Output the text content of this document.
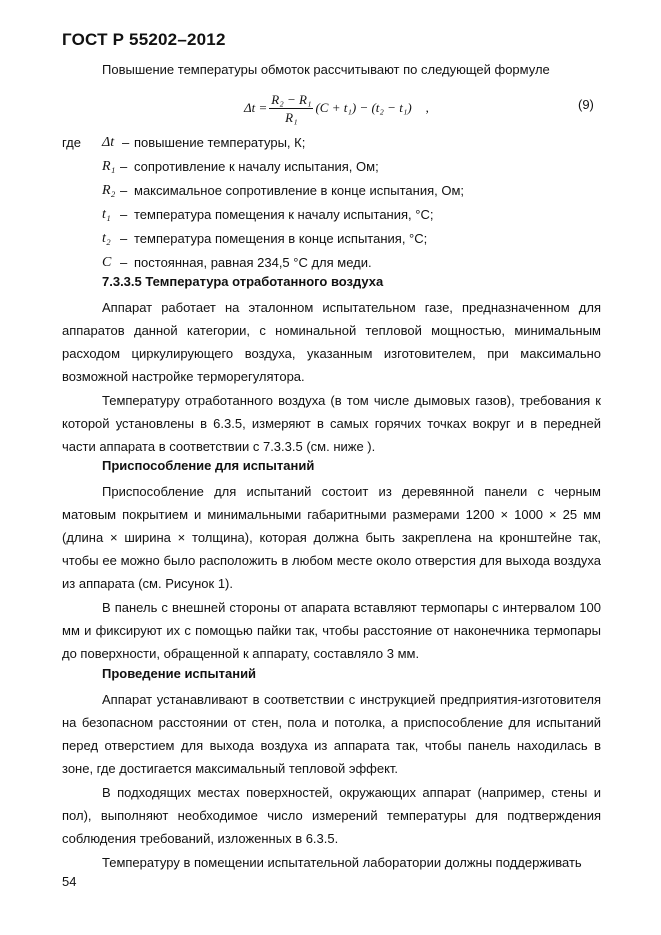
ГОСТ Р 55202–2012
Повышение температуры обмоток рассчитывают по следующей формуле
$\Delta t = \frac{\text{R₂ − R₁}}{\text{R₁}} (C + t_1) - (t_2 - t_1)$ ,	(9)
где Δt – повышение температуры, К;
R₁ – сопротивление к началу испытания, Ом;
R₂ – максимальное сопротивление в конце испытания, Ом;
t₁ – температура помещения к началу испытания, °С;
t₂ – температура помещения в конце испытания, °С;
C – постоянная, равная 234,5 °С для меди.
7.3.3.5 Температура отработанного воздуха

Аппарат работает на эталонном испытательном газе, предназначенном для аппаратов данной категории, с номинальной тепловой мощностью, минимальным расходом циркулирующего воздуха, указанным изготовителем, при максимально возможной настройке терморегулятора.

Температуру отработанного воздуха (в том числе дымовых газов), требования к которой установлены в 6.3.5, измеряют в самых горячих точках вокруг и в передней части аппарата в соответствии с 7.3.3.5 (см. ниже ).

Приспособление для испытаний

Приспособление для испытаний состоит из деревянной панели с черным матовым покрытием и минимальными габаритными размерами 1200 × 1000 × 25 мм (длина × ширина × толщина), которая должна быть закреплена на кронштейне так, чтобы ее можно было расположить в любом месте около отверстия для выхода воздуха из аппарата (см. Рисунок 1).

В панель с внешней стороны от апарата вставляют термопары с интервалом 100 мм и фиксируют их с помощью пайки так, чтобы расстояние от наконечника термопары до поверхности, обращенной к аппарату, составляло 3 мм.

Проведение испытаний

Аппарат устанавливают в соответствии с инструкцией предприятия-изготовителя на безопасном расстоянии от стен, пола и потолка, а приспособление для испытаний перед отверстием для выхода воздуха из аппарата так, чтобы панель находилась в зоне, где достигается максимальный тепловой эффект.

В подходящих местах поверхностей, окружающих аппарат (например, стены и пол), выполняют необходимое число измерений температуры для подтверждения соблюдения требований, изложенных в 6.3.5.

Температуру в помещении испытательной лаборатории должны поддерживать

54
